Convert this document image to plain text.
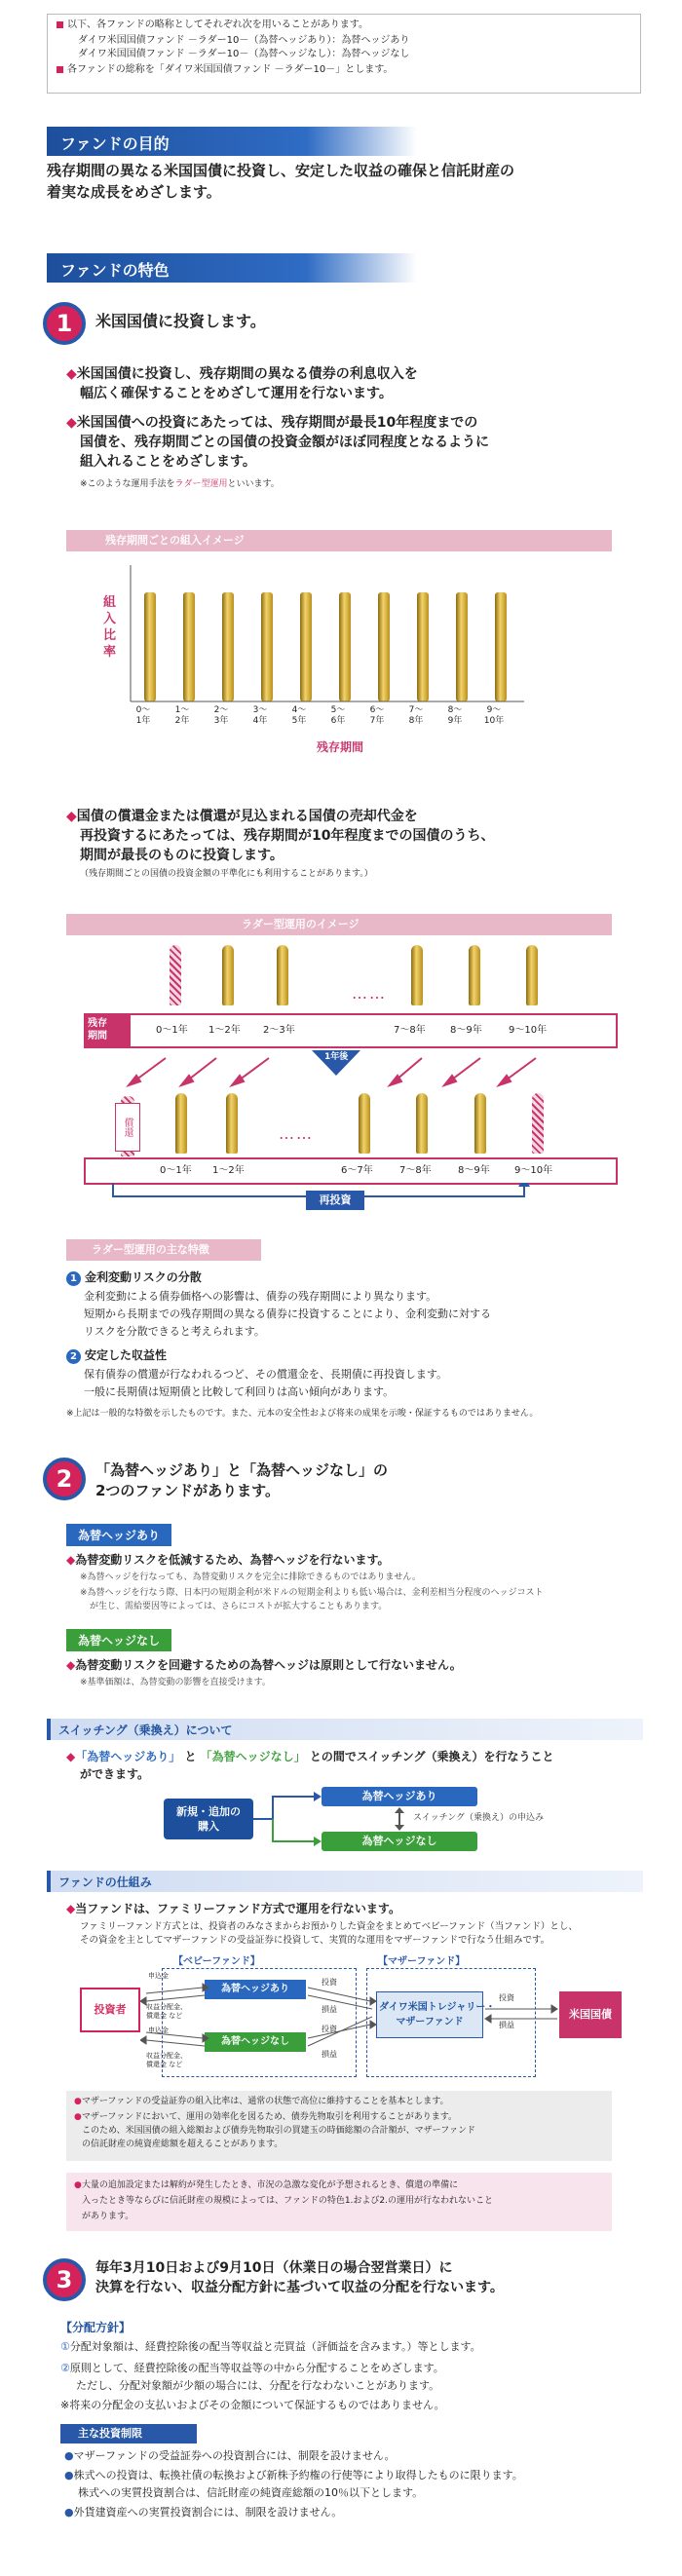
以下、各ファンドの略称としてそれぞれ次を用いることがあります。
ダイワ米国国債ファンド －ラダー10－（為替ヘッジあり）：為替ヘッジあり
ダイワ米国国債ファンド －ラダー10－（為替ヘッジなし）：為替ヘッジなし
各ファンドの総称を「ダイワ米国国債ファンド －ラダー10－」とします。
ファンドの目的
残存期間の異なる米国国債に投資し、安定した収益の確保と信託財産の
着実な成長をめざします。
ファンドの特色
1	米国国債に投資します。
◆米国国債に投資し、残存期間の異なる債券の利息収入を
幅広く確保することをめざして運用を行ないます。
◆米国国債への投資にあたっては、残存期間が最長10年程度までの
国債を、残存期間ごとの国債の投資金額がほぼ同程度となるように
組入れることをめざします。
※このような運用手法をラダー型運用といいます。
残存期間ごとの組入イメージ
組
入
比
率
0～
1年
1～
2年
2～
3年
3～
4年
4～
5年
5～
6年
6～
7年
7～
8年
8～
9年
9～
10年
残存期間
◆国債の償還金または償還が見込まれる国債の売却代金を
再投資するにあたっては、残存期間が10年程度までの国債のうち、
期間が最長のものに投資します。
（残存期間ごとの国債の投資金額の平準化にも利用することがあります。）
ラダー型運用のイメージ
……
残存
期間
0～1年 1～2年 2～3年	7～8年	8～9年	9～10年
1年後
償還	……
0～1年 1～2年	6～7年	7～8年	8～9年	9～10年
再投資
ラダー型運用の主な特徴
1 金利変動リスクの分散
金利変動による債券価格への影響は、債券の残存期間により異なります。
短期から長期までの残存期間の異なる債券に投資することにより、金利変動に対する
リスクを分散できると考えられます。
2 安定した収益性
保有債券の償還が行なわれるつど、その償還金を、長期債に再投資します。
一般に長期債は短期債と比較して利回りは高い傾向があります。
※上記は一般的な特徴を示したものです。また、元本の安全性および将来の成果を示唆・保証するものではありません。
2	「為替ヘッジあり」と「為替ヘッジなし」の
2つのファンドがあります。
為替ヘッジあり
◆為替変動リスクを低減するため、為替ヘッジを行ないます。
※為替ヘッジを行なっても、為替変動リスクを完全に排除できるものではありません。
※為替ヘッジを行なう際、日本円の短期金利が米ドルの短期金利よりも低い場合は、金利差相当分程度のヘッジコスト
が生じ、需給要因等によっては、さらにコストが拡大することもあります。
為替ヘッジなし
◆為替変動リスクを回避するための為替ヘッジは原則として行ないません。
※基準価額は、為替変動の影響を直接受けます。
スイッチング（乗換え）について
◆「為替ヘッジあり」 と 「為替ヘッジなし」 との間でスイッチング（乗換え）を行なうこと
ができます。
新規・追加の
購入
為替ヘッジあり
為替ヘッジなし
スイッチング（乗換え）の申込み
ファンドの仕組み
◆当ファンドは、ファミリーファンド方式で運用を行ないます。
ファミリーファンド方式とは、投資者のみなさまからお預かりした資金をまとめてベビーファンド（当ファンド）とし、
その資金を主としてマザーファンドの受益証券に投資して、実質的な運用をマザーファンドで行なう仕組みです。
【ベビーファンド】	【マザーファンド】
投資者
為替ヘッジあり
為替ヘッジなし
ダイワ米国トレジャリー・
マザーファンド
米国国債
申込金
収益分配金、
償還金 など
申込金
収益分配金、
償還金 など
投資
損益
投資
損益
投資
損益
●マザーファンドの受益証券の組入比率は、通常の状態で高位に維持することを基本とします。
●マザーファンドにおいて、運用の効率化を図るため、債券先物取引を利用することがあります。
このため、米国国債の組入総額および債券先物取引の買建玉の時価総額の合計額が、マザーファンド
の信託財産の純資産総額を超えることがあります。
●大量の追加設定または解約が発生したとき、市況の急激な変化が予想されるとき、償還の準備に
入ったとき等ならびに信託財産の規模によっては、ファンドの特色1.および2.の運用が行なわれないこと
があります。
3	毎年3月10日および9月10日（休業日の場合翌営業日）に
決算を行ない、収益分配方針に基づいて収益の分配を行ないます。
【分配方針】
①分配対象額は、経費控除後の配当等収益と売買益（評価益を含みます。）等とします。
②原則として、経費控除後の配当等収益等の中から分配することをめざします。
ただし、分配対象額が少額の場合には、分配を行なわないことがあります。
※将来の分配金の支払いおよびその金額について保証するものではありません。
主な投資制限
●マザーファンドの受益証券への投資割合には、制限を設けません。
●株式への投資は、転換社債の転換および新株予約権の行使等により取得したものに限ります。
株式への実質投資割合は、信託財産の純資産総額の10％以下とします。
●外貨建資産への実質投資割合には、制限を設けません。
